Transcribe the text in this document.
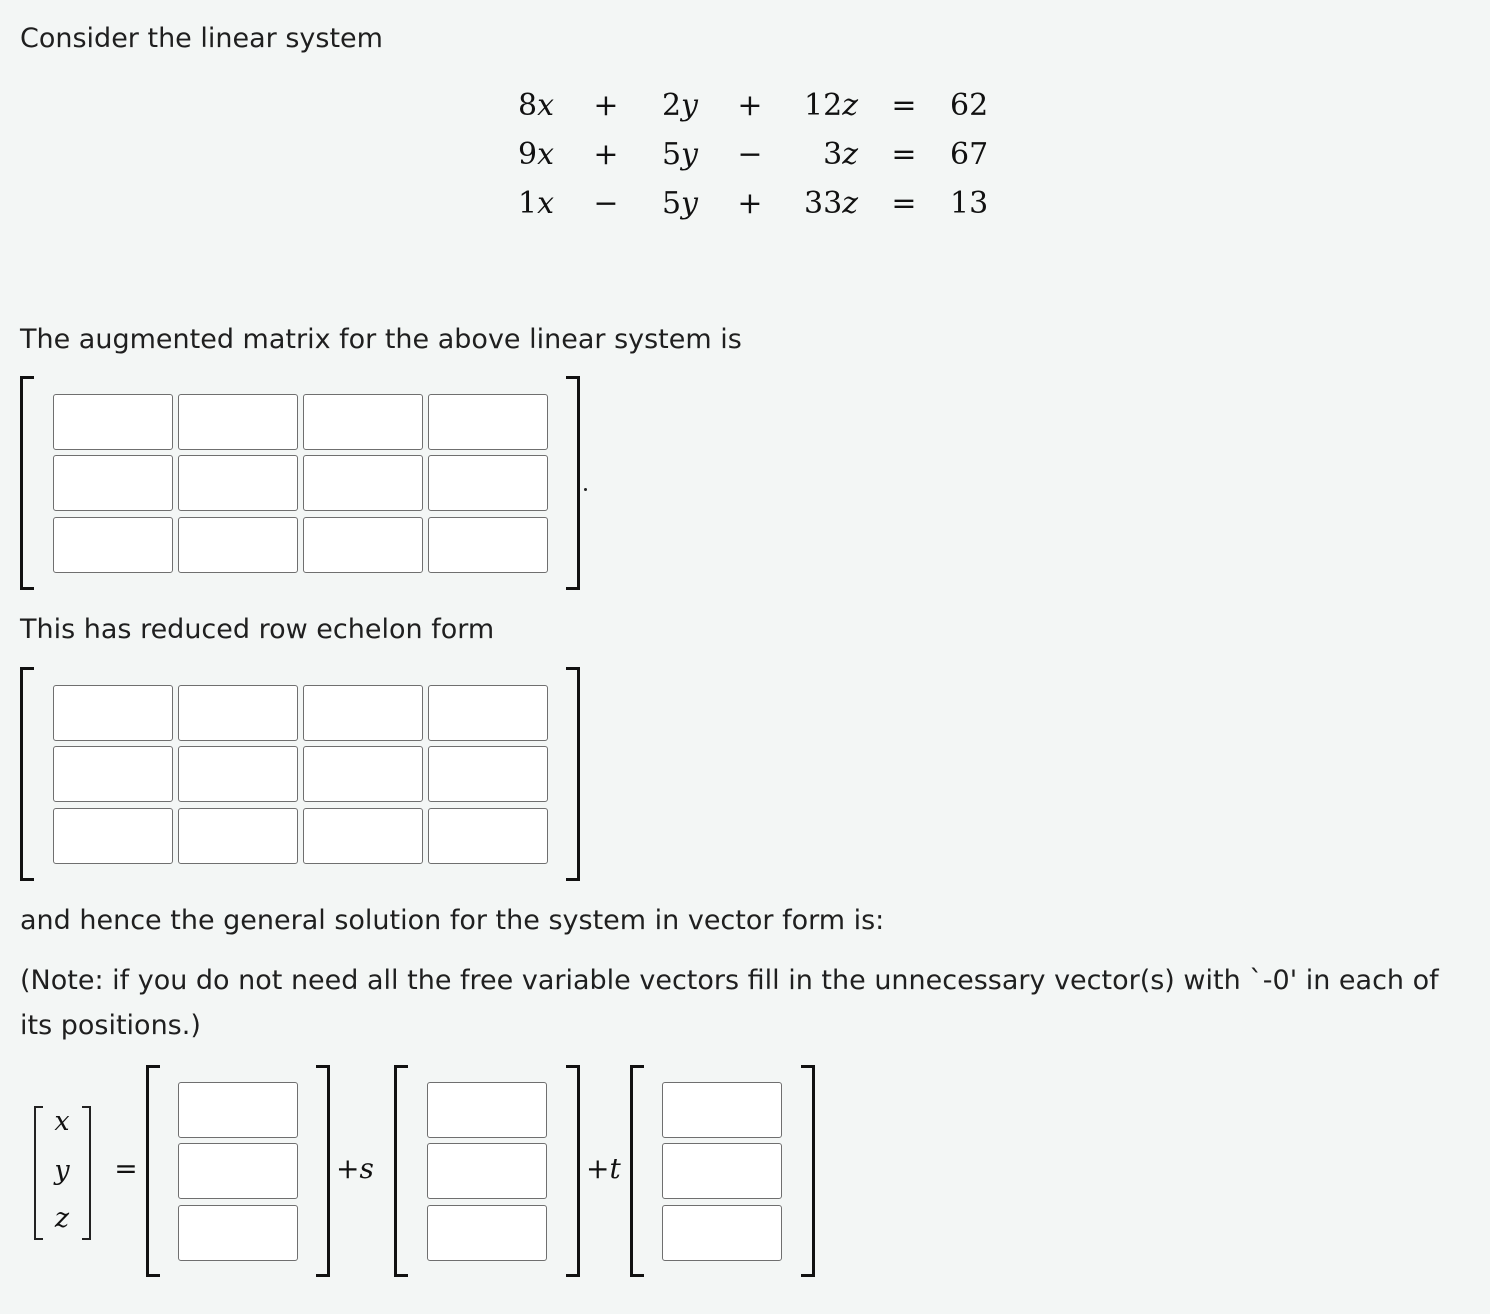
Consider the linear system

8x +	2y +	12z = 62
9x +	5y −	3z = 67
1x −	5y +	33z = 13

The augmented matrix for the above linear system is

This has reduced row echelon form

and hence the general solution for the system in vector form is:

(Note: if you do not need all the free variable vectors fill in the unnecessary vector(s) with `-0' in each of its positions.)

x
y
z
=	+s	+t
